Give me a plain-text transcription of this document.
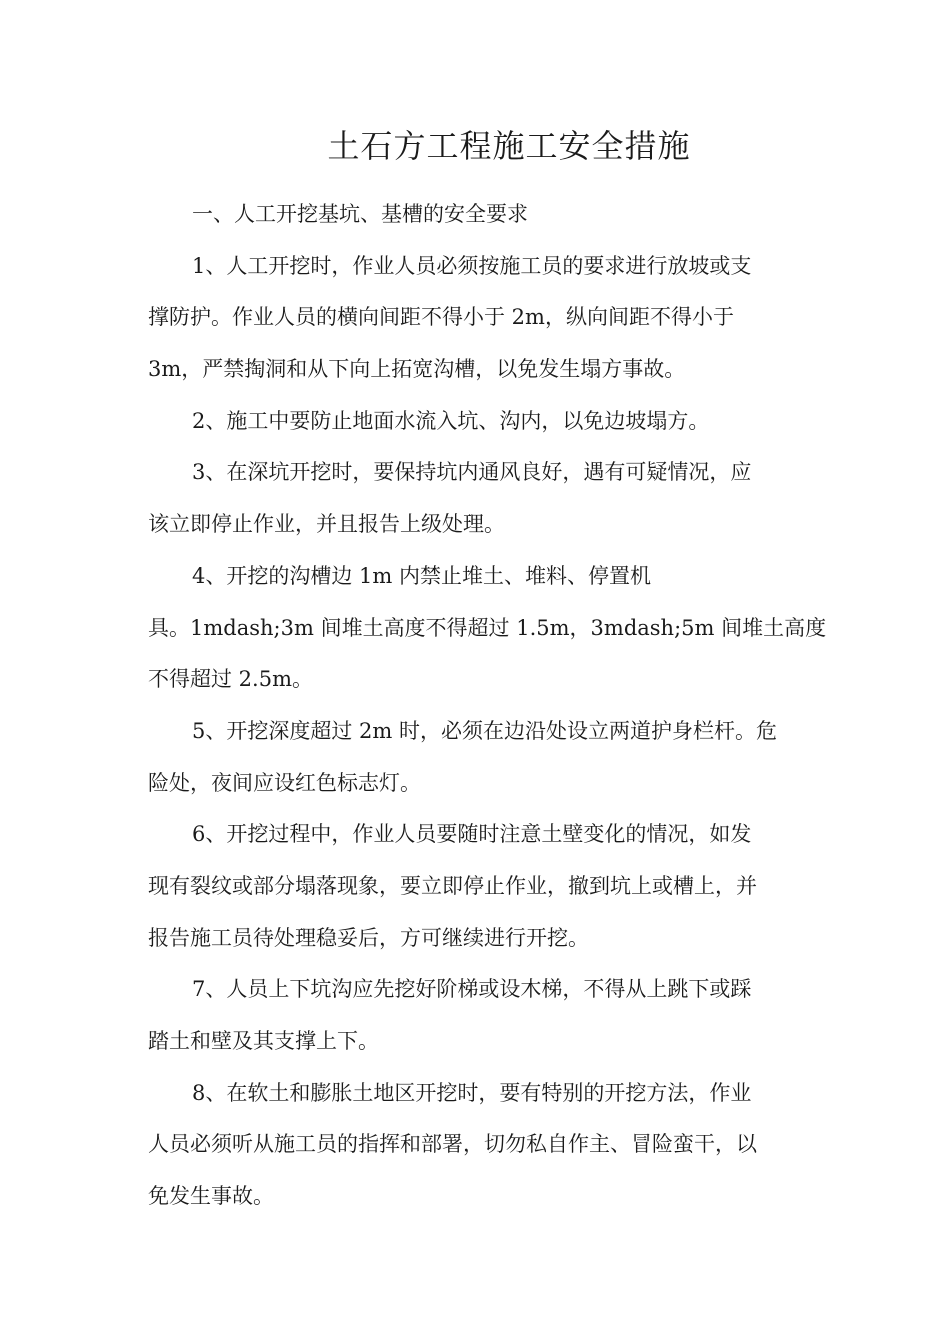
土石方工程施工安全措施

一、人工开挖基坑、基槽的安全要求

1、人工开挖时，作业人员必须按施工员的要求进行放坡或支

撑防护。作业人员的横向间距不得小于 2m，纵向间距不得小于

3m，严禁掏洞和从下向上拓宽沟槽，以免发生塌方事故。

2、施工中要防止地面水流入坑、沟内，以免边坡塌方。

3、在深坑开挖时，要保持坑内通风良好，遇有可疑情况，应

该立即停止作业，并且报告上级处理。

4、开挖的沟槽边 1m 内禁止堆土、堆料、停置机

具。1mdash;3m 间堆土高度不得超过 1.5m，3mdash;5m 间堆土高度

不得超过 2.5m。

5、开挖深度超过 2m 时，必须在边沿处设立两道护身栏杆。危

险处，夜间应设红色标志灯。

6、开挖过程中，作业人员要随时注意土壁变化的情况，如发

现有裂纹或部分塌落现象，要立即停止作业，撤到坑上或槽上，并

报告施工员待处理稳妥后，方可继续进行开挖。

7、人员上下坑沟应先挖好阶梯或设木梯，不得从上跳下或踩

踏土和壁及其支撑上下。

8、在软土和膨胀土地区开挖时，要有特别的开挖方法，作业

人员必须听从施工员的指挥和部署，切勿私自作主、冒险蛮干，以

免发生事故。
